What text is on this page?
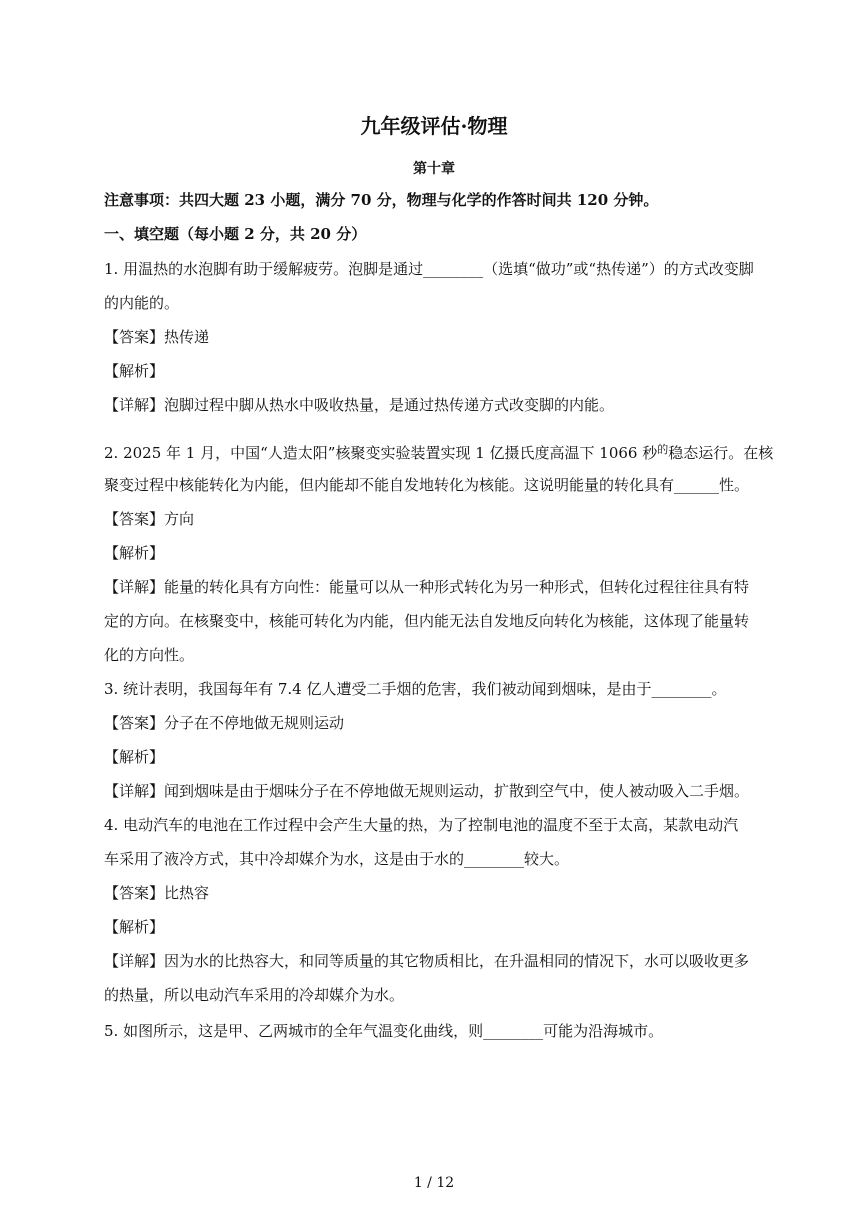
九年级评估·物理
第十章
注意事项：共四大题 23 小题，满分 70 分，物理与化学的作答时间共 120 分钟。
一、填空题（每小题 2 分，共 20 分）
1. 用温热的水泡脚有助于缓解疲劳。泡脚是通过________（选填“做功”或“热传递”）的方式改变脚
的内能的。
【答案】热传递
【解析】
【详解】泡脚过程中脚从热水中吸收热量，是通过热传递方式改变脚的内能。
2. 2025 年 1 月，中国“人造太阳”核聚变实验装置实现 1 亿摄氏度高温下 1066 秒$^的$稳态运行。在核
聚变过程中核能转化为内能，但内能却不能自发地转化为核能。这说明能量的转化具有______性。
【答案】方向
【解析】
【详解】能量的转化具有方向性：能量可以从一种形式转化为另一种形式，但转化过程往往具有特
定的方向。在核聚变中，核能可转化为内能，但内能无法自发地反向转化为核能，这体现了能量转
化的方向性。
3. 统计表明，我国每年有 7.4 亿人遭受二手烟的危害，我们被动闻到烟味，是由于________。
【答案】分子在不停地做无规则运动
【解析】
【详解】闻到烟味是由于烟味分子在不停地做无规则运动，扩散到空气中，使人被动吸入二手烟。
4. 电动汽车的电池在工作过程中会产生大量的热，为了控制电池的温度不至于太高，某款电动汽
车采用了液冷方式，其中冷却媒介为水，这是由于水的________较大。
【答案】比热容
【解析】
【详解】因为水的比热容大，和同等质量的其它物质相比，在升温相同的情况下，水可以吸收更多
的热量，所以电动汽车采用的冷却媒介为水。
5. 如图所示，这是甲、乙两城市的全年气温变化曲线，则________可能为沿海城市。
1 / 12
